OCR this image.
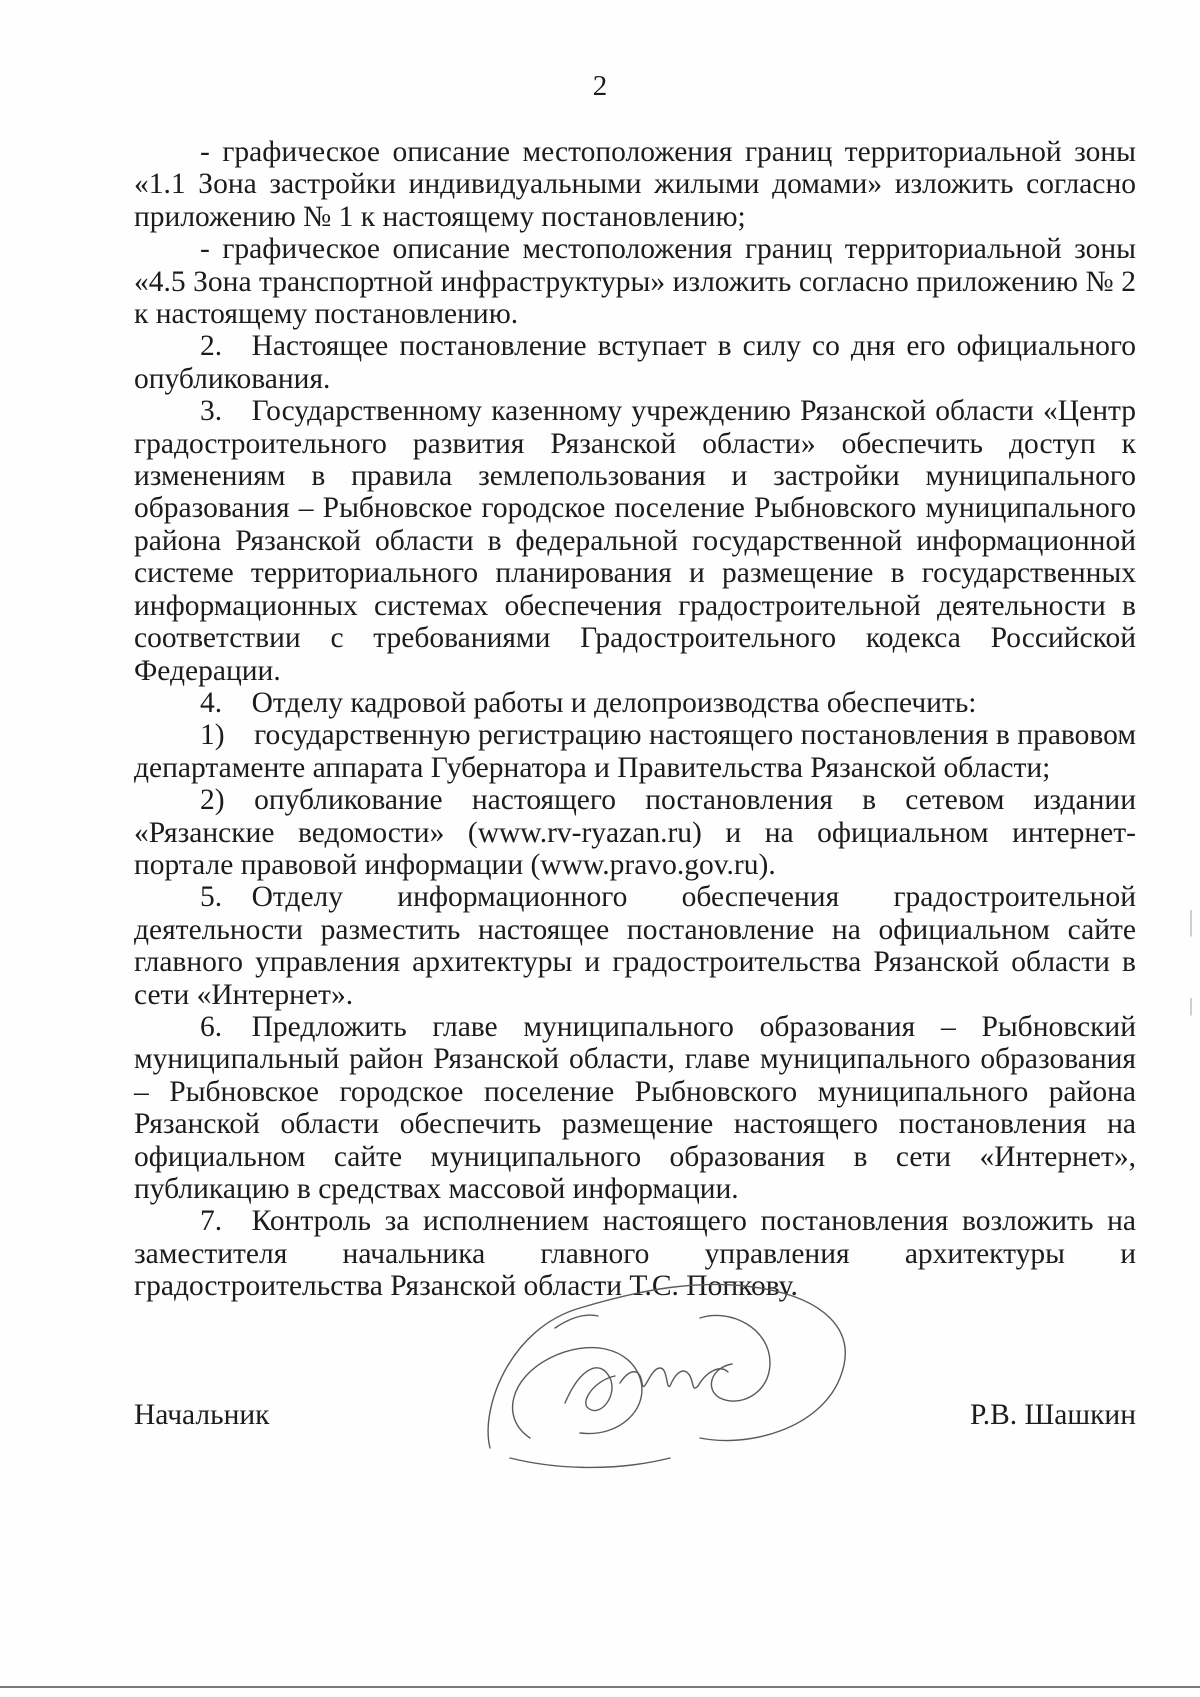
2

- графическое описание местоположения границ территориальной зоны «1.1 Зона застройки индивидуальными жилыми домами» изложить согласно приложению № 1 к настоящему постановлению;

- графическое описание местоположения границ территориальной зоны «4.5 Зона транспортной инфраструктуры» изложить согласно приложению № 2 к настоящему постановлению.

2. Настоящее постановление вступает в силу со дня его официального опубликования.

3. Государственному казенному учреждению Рязанской области «Центр градостроительного развития Рязанской области» обеспечить доступ к изменениям в правила землепользования и застройки муниципального образования – Рыбновское городское поселение Рыбновского муниципального района Рязанской области в федеральной государственной информационной системе территориального планирования и размещение в государственных информационных системах обеспечения градостроительной деятельности в соответствии с требованиями Градостроительного кодекса Российской Федерации.

4. Отделу кадровой работы и делопроизводства обеспечить:

1) государственную регистрацию настоящего постановления в правовом департаменте аппарата Губернатора и Правительства Рязанской области;

2) опубликование настоящего постановления в сетевом издании «Рязанские ведомости» (www.rv-ryazan.ru) и на официальном интернет-портале правовой информации (www.pravo.gov.ru).

5. Отделу информационного обеспечения градостроительной деятельности разместить настоящее постановление на официальном сайте главного управления архитектуры и градостроительства Рязанской области в сети «Интернет».

6. Предложить главе муниципального образования – Рыбновский муниципальный район Рязанской области, главе муниципального образования – Рыбновское городское поселение Рыбновского муниципального района Рязанской области обеспечить размещение настоящего постановления на официальном сайте муниципального образования в сети «Интернет», публикацию в средствах массовой информации.

7. Контроль за исполнением настоящего постановления возложить на заместителя начальника главного управления архитектуры и градостроительства Рязанской области Т.С. Попкову.

Начальник	Р.В. Шашкин
